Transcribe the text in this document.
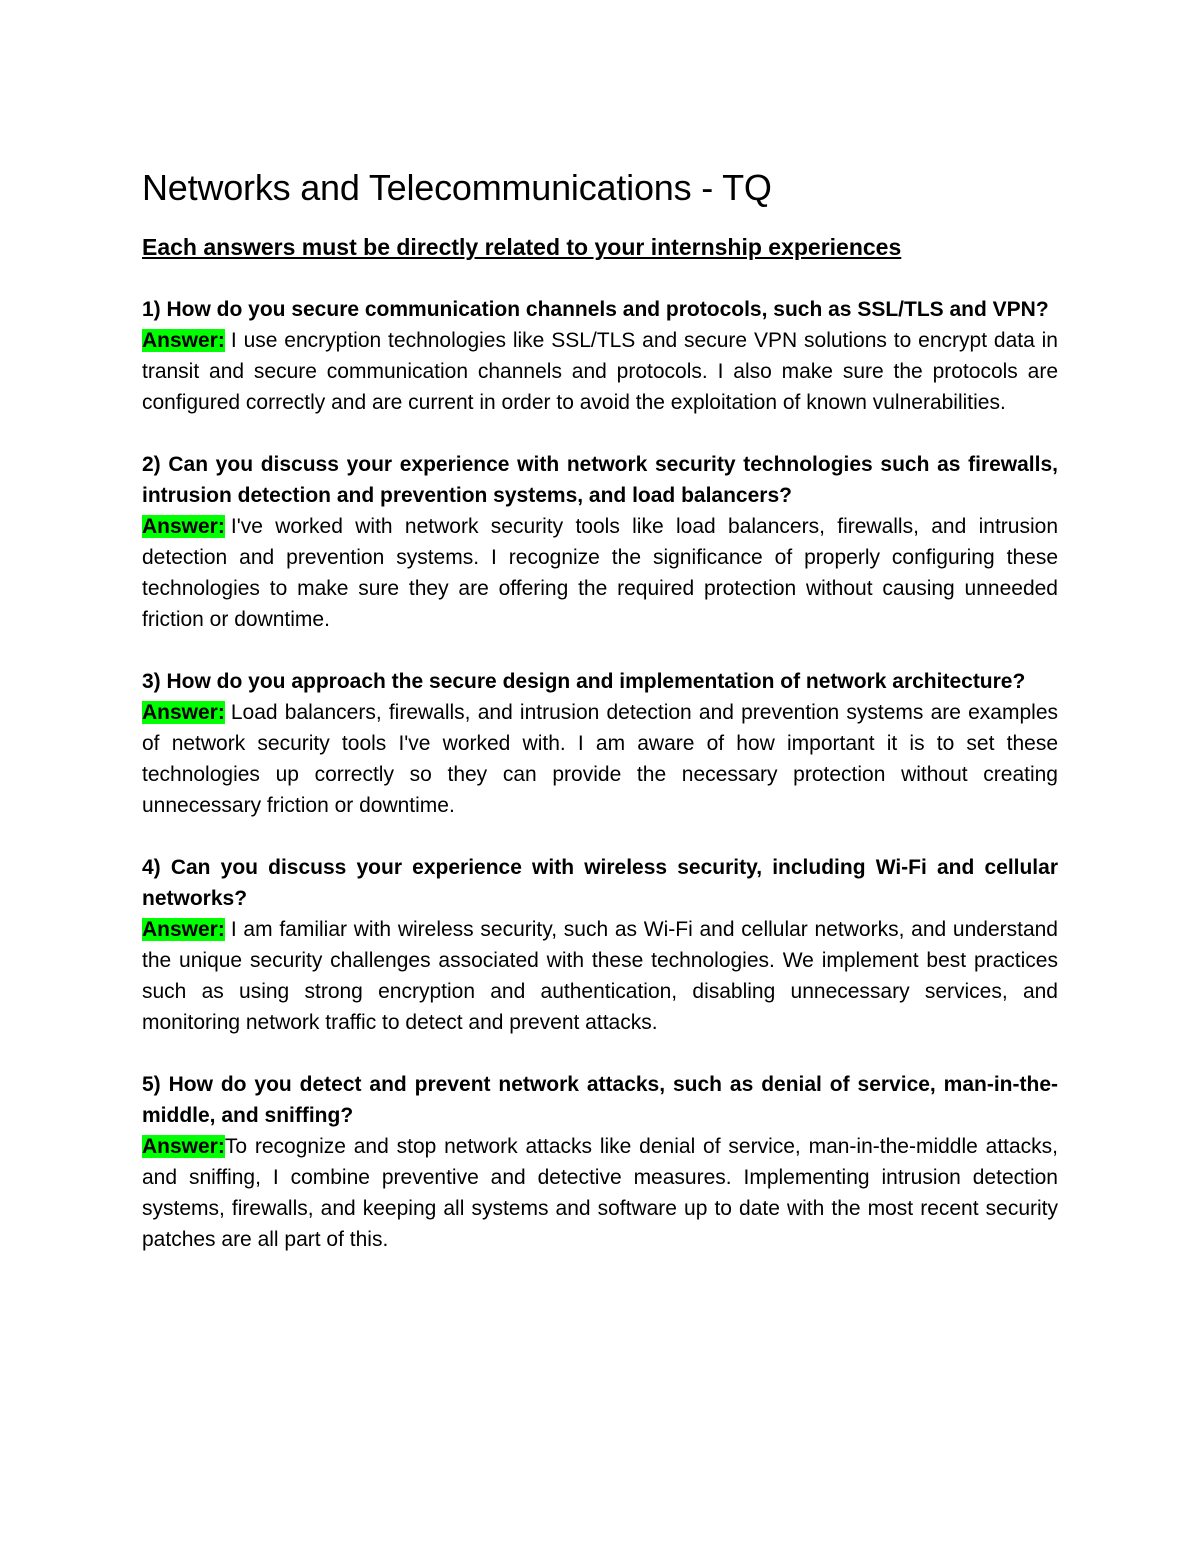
Networks and Telecommunications - TQ

Each answers must be directly related to your internship experiences

1) How do you secure communication channels and protocols, such as SSL/TLS and VPN?

Answer: I use encryption technologies like SSL/TLS and secure VPN solutions to encrypt data in transit and secure communication channels and protocols. I also make sure the protocols are configured correctly and are current in order to avoid the exploitation of known vulnerabilities.

2) Can you discuss your experience with network security technologies such as firewalls, intrusion detection and prevention systems, and load balancers?

Answer: I've worked with network security tools like load balancers, firewalls, and intrusion detection and prevention systems. I recognize the significance of properly configuring these technologies to make sure they are offering the required protection without causing unneeded friction or downtime.

3) How do you approach the secure design and implementation of network architecture?

Answer: Load balancers, firewalls, and intrusion detection and prevention systems are examples of network security tools I've worked with. I am aware of how important it is to set these technologies up correctly so they can provide the necessary protection without creating unnecessary friction or downtime.

4) Can you discuss your experience with wireless security, including Wi-Fi and cellular networks?

Answer: I am familiar with wireless security, such as Wi-Fi and cellular networks, and understand the unique security challenges associated with these technologies. We implement best practices such as using strong encryption and authentication, disabling unnecessary services, and monitoring network traffic to detect and prevent attacks.

5) How do you detect and prevent network attacks, such as denial of service, man-in-the-middle, and sniffing?

Answer:To recognize and stop network attacks like denial of service, man-in-the-middle attacks, and sniffing, I combine preventive and detective measures. Implementing intrusion detection systems, firewalls, and keeping all systems and software up to date with the most recent security patches are all part of this.
